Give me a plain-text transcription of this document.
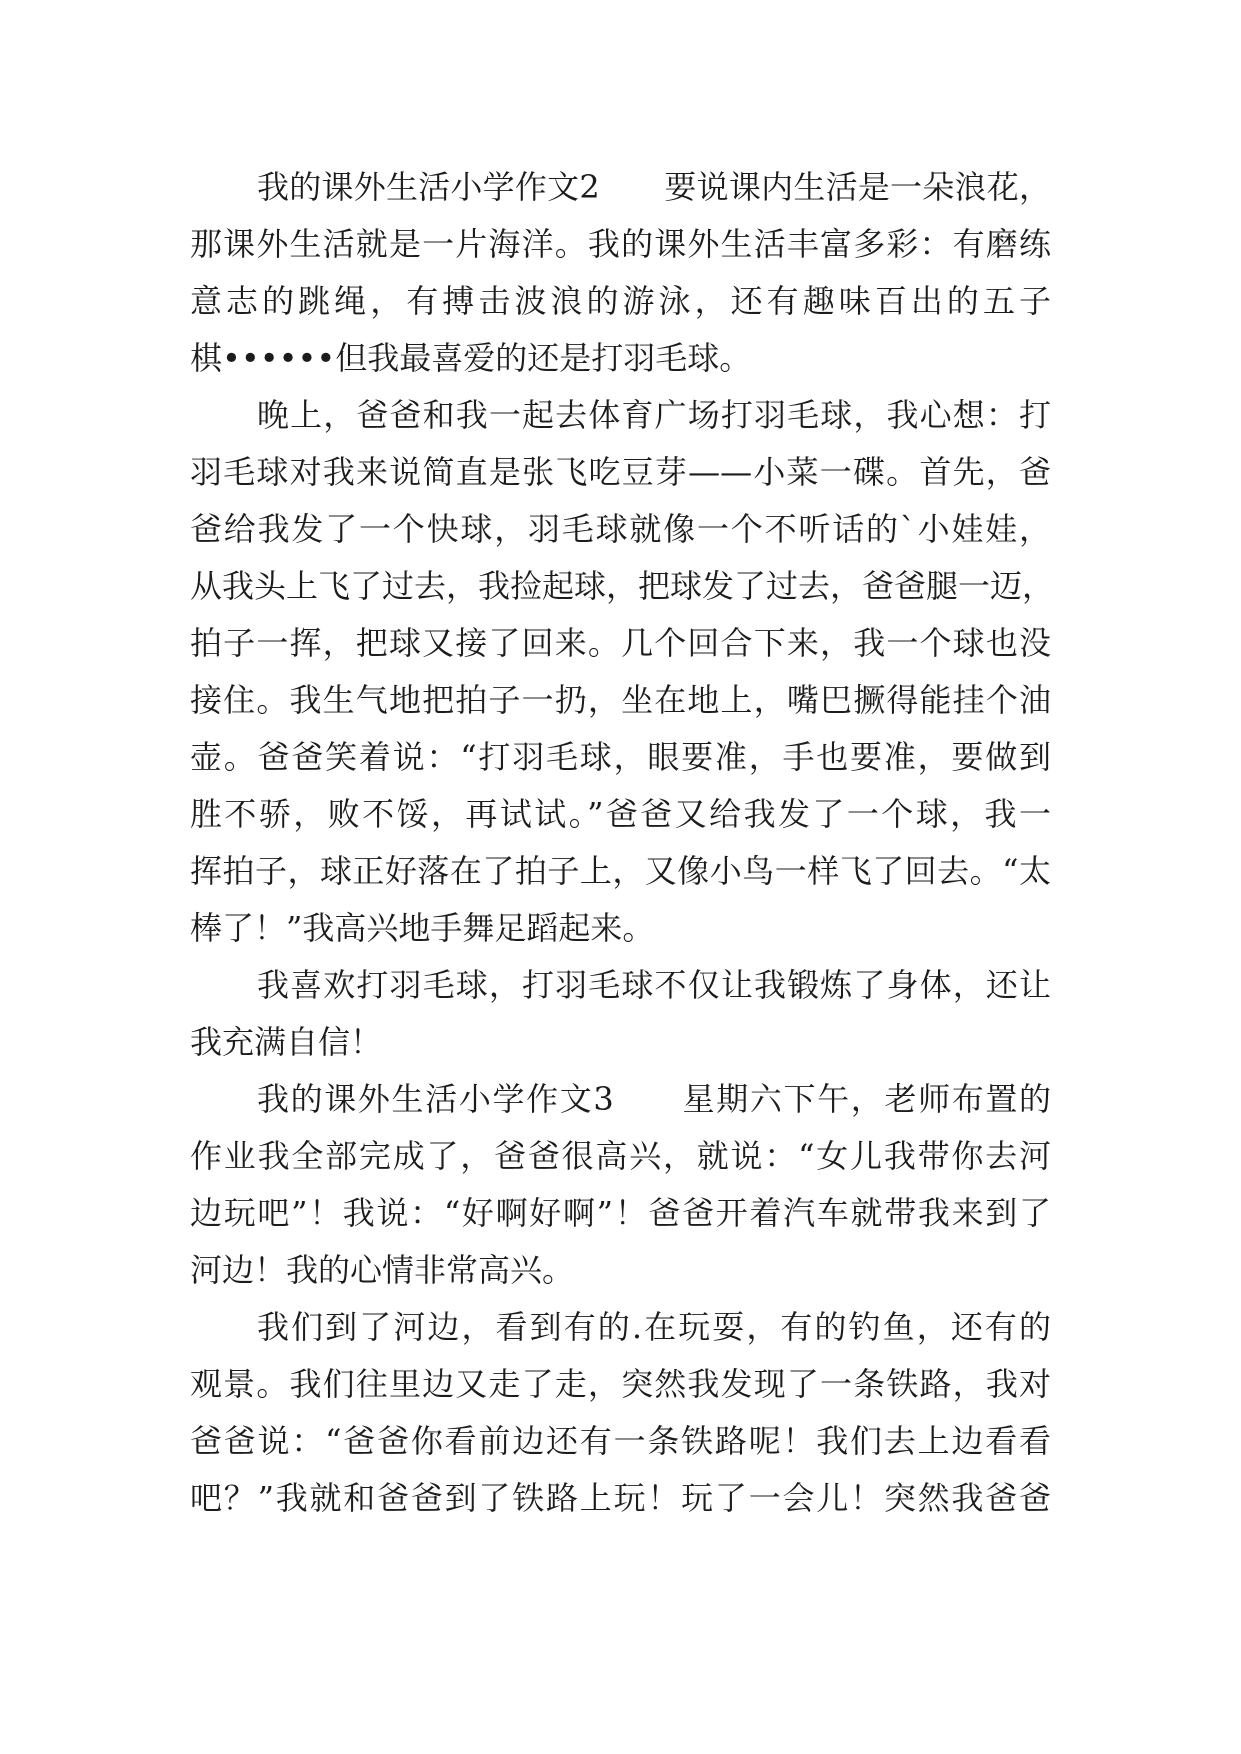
我的课外生活小学作文2　　要说课内生活是一朵浪花，
那课外生活就是一片海洋。我的课外生活丰富多彩：有磨练
意志的跳绳，有搏击波浪的游泳，还有趣味百出的五子
棋••••••但我最喜爱的还是打羽毛球。
晚上，爸爸和我一起去体育广场打羽毛球，我心想：打
羽毛球对我来说简直是张飞吃豆芽——小菜一碟。首先，爸
爸给我发了一个快球，羽毛球就像一个不听话的`小娃娃，
从我头上飞了过去，我捡起球，把球发了过去，爸爸腿一迈，
拍子一挥，把球又接了回来。几个回合下来，我一个球也没
接住。我生气地把拍子一扔，坐在地上，嘴巴撅得能挂个油
壶。爸爸笑着说：“打羽毛球，眼要准，手也要准，要做到
胜不骄，败不馁，再试试。”爸爸又给我发了一个球，我一
挥拍子，球正好落在了拍子上，又像小鸟一样飞了回去。“太
棒了！”我高兴地手舞足蹈起来。
我喜欢打羽毛球，打羽毛球不仅让我锻炼了身体，还让
我充满自信！
我的课外生活小学作文3　　星期六下午，老师布置的
作业我全部完成了，爸爸很高兴，就说：“女儿我带你去河
边玩吧”！我说：“好啊好啊”！爸爸开着汽车就带我来到了
河边！我的心情非常高兴。
我们到了河边，看到有的.在玩耍，有的钓鱼，还有的
观景。我们往里边又走了走，突然我发现了一条铁路，我对
爸爸说：“爸爸你看前边还有一条铁路呢！我们去上边看看
吧？”我就和爸爸到了铁路上玩！玩了一会儿！突然我爸爸
